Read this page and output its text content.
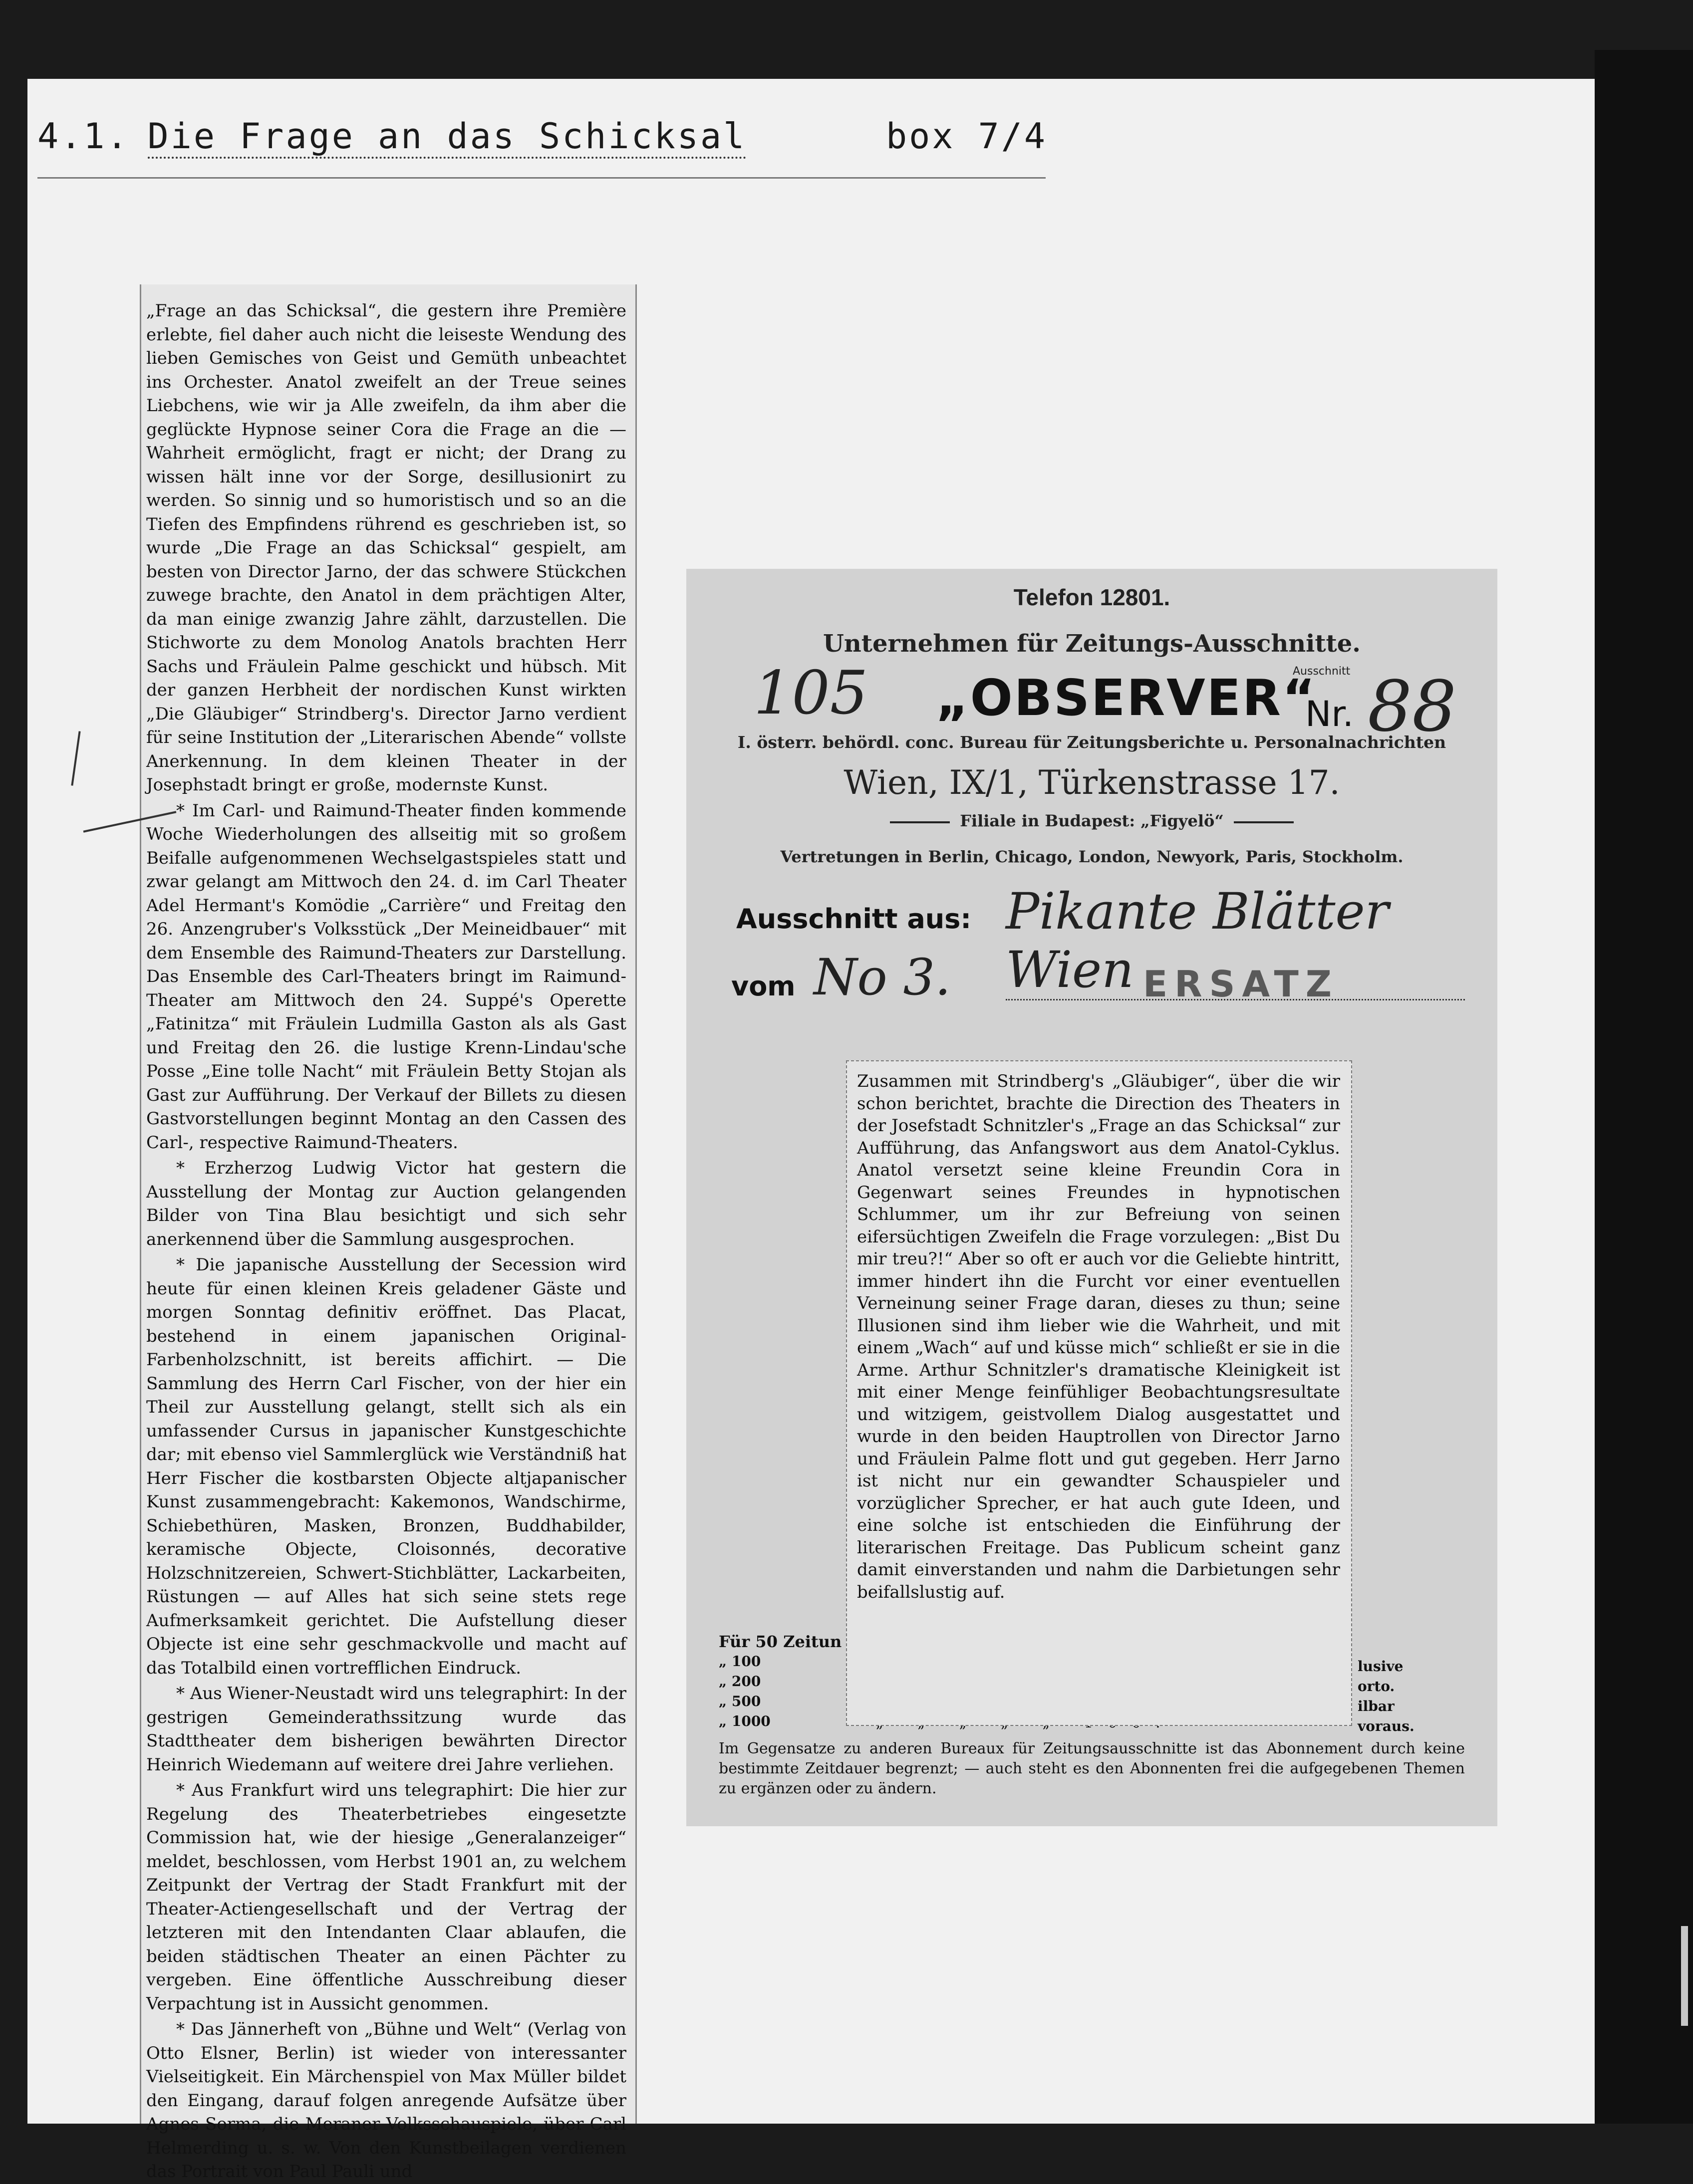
4.1. Die Frage an das Schicksal	box 7/4

„Frage an das Schicksal“, die gestern ihre Première erlebte, fiel daher auch nicht die leiseste Wendung des lieben Gemisches von Geist und Gemüth unbeachtet ins Orchester. Anatol zweifelt an der Treue seines Liebchens, wie wir ja Alle zweifeln, da ihm aber die geglückte Hypnose seiner Cora die Frage an die — Wahrheit ermöglicht, fragt er nicht; der Drang zu wissen hält inne vor der Sorge, desillusionirt zu werden. So sinnig und so humoristisch und so an die Tiefen des Empfindens rührend es geschrieben ist, so wurde „Die Frage an das Schicksal“ gespielt, am besten von Director Jarno, der das schwere Stückchen zuwege brachte, den Anatol in dem prächtigen Alter, da man einige zwanzig Jahre zählt, darzustellen. Die Stichworte zu dem Monolog Anatols brachten Herr Sachs und Fräulein Palme geschickt und hübsch. Mit der ganzen Herbheit der nordischen Kunst wirkten „Die Gläubiger“ Strindberg's. Director Jarno verdient für seine Institution der „Literarischen Abende“ vollste Anerkennung. In dem kleinen Theater in der Josephstadt bringt er große, modernste Kunst.

* Im Carl- und Raimund-Theater finden kommende Woche Wiederholungen des allseitig mit so großem Beifalle aufgenommenen Wechselgastspieles statt und zwar gelangt am Mittwoch den 24. d. im Carl Theater Adel Hermant's Komödie „Carrière“ und Freitag den 26. Anzengruber's Volksstück „Der Meineidbauer“ mit dem Ensemble des Raimund-Theaters zur Darstellung. Das Ensemble des Carl-Theaters bringt im Raimund-Theater am Mittwoch den 24. Suppé's Operette „Fatinitza“ mit Fräulein Ludmilla Gaston als als Gast und Freitag den 26. die lustige Krenn-Lindau'sche Posse „Eine tolle Nacht“ mit Fräulein Betty Stojan als Gast zur Aufführung. Der Verkauf der Billets zu diesen Gastvorstellungen beginnt Montag an den Cassen des Carl-, respective Raimund-Theaters.

* Erzherzog Ludwig Victor hat gestern die Ausstellung der Montag zur Auction gelangenden Bilder von Tina Blau besichtigt und sich sehr anerkennend über die Sammlung ausgesprochen.

* Die japanische Ausstellung der Secession wird heute für einen kleinen Kreis geladener Gäste und morgen Sonntag definitiv eröffnet. Das Placat, bestehend in einem japanischen Original-Farbenholzschnitt, ist bereits affichirt. — Die Sammlung des Herrn Carl Fischer, von der hier ein Theil zur Ausstellung gelangt, stellt sich als ein umfassender Cursus in japanischer Kunstgeschichte dar; mit ebenso viel Sammlerglück wie Verständniß hat Herr Fischer die kostbarsten Objecte altjapanischer Kunst zusammengebracht: Kakemonos, Wandschirme, Schiebethüren, Masken, Bronzen, Buddhabilder, keramische Objecte, Cloisonnés, decorative Holzschnitzereien, Schwert-Stichblätter, Lackarbeiten, Rüstungen — auf Alles hat sich seine stets rege Aufmerksamkeit gerichtet. Die Aufstellung dieser Objecte ist eine sehr geschmackvolle und macht auf das Totalbild einen vortrefflichen Eindruck.

* Aus Wiener-Neustadt wird uns telegraphirt: In der gestrigen Gemeinderathssitzung wurde das Stadttheater dem bisherigen bewährten Director Heinrich Wiedemann auf weitere drei Jahre verliehen.

* Aus Frankfurt wird uns telegraphirt: Die hier zur Regelung des Theaterbetriebes eingesetzte Commission hat, wie der hiesige „Generalanzeiger“ meldet, beschlossen, vom Herbst 1901 an, zu welchem Zeitpunkt der Vertrag der Stadt Frankfurt mit der Theater-Actiengesellschaft und der Vertrag der letzteren mit den Intendanten Claar ablaufen, die beiden städtischen Theater an einen Pächter zu vergeben. Eine öffentliche Ausschreibung dieser Verpachtung ist in Aussicht genommen.

* Das Jännerheft von „Bühne und Welt“ (Verlag von Otto Elsner, Berlin) ist wieder von interessanter Vielseitigkeit. Ein Märchenspiel von Max Müller bildet den Eingang, darauf folgen anregende Aufsätze über Agnes Sorma, die Meraner Volksschauspiele, über Carl Helmerding u. s. w. Von den Kunstbeilagen verdienen das Portrait von Paul Pauli und

Telefon 12801.
Unternehmen für Zeitungs-Ausschnitte.
105 „OBSERVER“
Ausschnitt
Nr. 88
I. österr. behördl. conc. Bureau für Zeitungsberichte u. Personalnachrichten
Wien, IX/1, Türkenstrasse 17.
Filiale in Budapest: „Figyelö“
Vertretungen in Berlin, Chicago, London, Newyork, Paris, Stockholm.
Ausschnitt aus: Pikante Blätter Wien
vom No 3.	ERSATZ
Für 50 Zeitun
„ 100
„ 200
„ 500
„ 1000
lusive
orto.
ilbar
voraus.
Im Gegensatze zu anderen Bureaux für Zeitungsausschnitte ist das Abonnement durch keine bestimmte Zeitdauer begrenzt; — auch steht es den Abonnenten frei die aufgegebenen Themen zu ergänzen oder zu ändern.
Zusammen mit Strindberg's „Gläubiger“, über die wir schon berichtet, brachte die Direction des Theaters in der Josefstadt Schnitzler's „Frage an das Schicksal“ zur Aufführung, das Anfangswort aus dem Anatol-Cyklus. Anatol versetzt seine kleine Freundin Cora in Gegenwart seines Freundes in hypnotischen Schlummer, um ihr zur Befreiung von seinen eifersüchtigen Zweifeln die Frage vorzulegen: „Bist Du mir treu?!“ Aber so oft er auch vor die Geliebte hintritt, immer hindert ihn die Furcht vor einer eventuellen Verneinung seiner Frage daran, dieses zu thun; seine Illusionen sind ihm lieber wie die Wahrheit, und mit einem „Wach“ auf und küsse mich“ schließt er sie in die Arme. Arthur Schnitzler's dramatische Kleinigkeit ist mit einer Menge feinfühliger Beobachtungsresultate und witzigem, geistvollem Dialog ausgestattet und wurde in den beiden Hauptrollen von Director Jarno und Fräulein Palme flott und gut gegeben. Herr Jarno ist nicht nur ein gewandter Schauspieler und vorzüglicher Sprecher, er hat auch gute Ideen, und eine solche ist entschieden die Einführung der literarischen Freitage. Das Publicum scheint ganz damit einverstanden und nahm die Darbietungen sehr beifallslustig auf.
